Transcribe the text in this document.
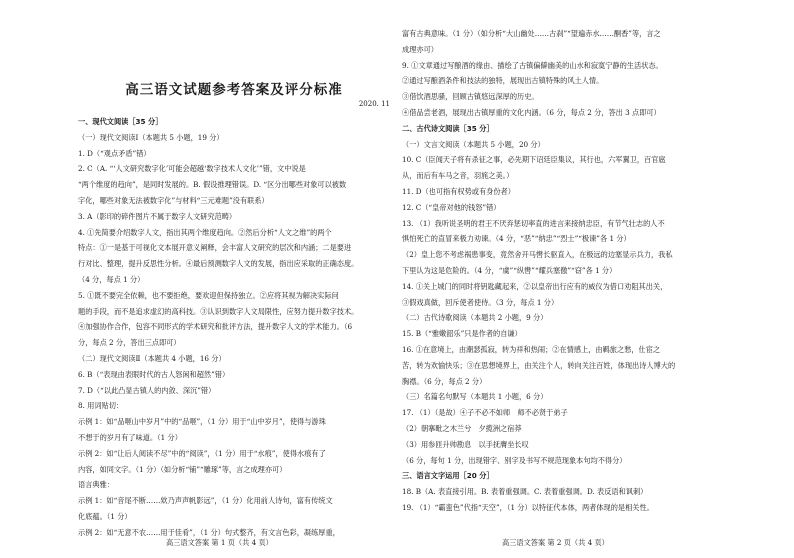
高三语文试题参考答案及评分标准
2020. 11
一、现代文阅读［35 分］
（一）现代文阅读Ⅰ（本题共 5 小题，19 分）
1. D（“观点矛盾”错）
2. C（A. “‘人文研究数字化’可能会超越‘数字技术人文化’”错，文中说是
“两个维度的趋向”，是同时发展的。B. 假设推理错误。D. “区分出哪些对象可以被数
字化，哪些对象无法被数字化”与材料“三元难题”没有联系）
3. A（影印的碎件图片不属于数字人文研究范畴）
4. ①先简要介绍数字人文，指出其两个维度趋向。②然后分析“人文之维”的两个
特点：①一是基于可视化文本展开意义阐释，会丰富人文研究的层次和内涵；二是要进
行对比、整理，提升反思性分析。④最后预测数字人文的发展，指出应采取的正确态度。
（4 分，每点 1 分）
5. ①既不要完全依赖，也不要拒绝，要欢迎但保持独立。②应将其视为解决实际问
题的手段，而不是追求虚幻的高科技。③认识到数字人文局限性，应努力提升数字技术。
④加强协作合作，包容不同形式的学术研究和批评方法，提升数字人文的学术能力。（6
分，每点 2 分，答出三点即可）
（二）现代文阅读Ⅱ（本题共 4 小题，16 分）
6. B（“表现由表眼时代的古人怒闲和超然”错）
7. D（“以此凸显古镇人的内敛、深沉”错）
8. 用词贴切：
示例 1：如“品咂山中岁月”中的“品咂”，（1 分）用于“山中岁月”，使得与游珠
不想于的岁月有了味道。（1 分）
示例 2：如“让后人阅读不尽”中的“阅读”，（1 分）用于“水痕”，使得水痕有了
内容，如同文字。（1 分）（如分析“铺”“雕琢”等，言之成理亦可）
语言典雅：
示例 1：如“音尾不断……欸乃声声帆影远”，（1 分）化用前人诗句，富有传统文
化底蕴。（1 分）
示例 2：如“无意不农……用于佳肴”，（1 分）句式整齐，有文言色彩，凝练厚重，
高三语文答案 第 1 页（共 4 页）
富有古典意味。（1 分）（如分析“大山幽处……古刹”“望遍赤水……酮香”等，言之
成理亦可）
9. ①文章通过写酿酒的缘由、描绘了古镇偏僻幽美的山水和寂寞宁静的生活状态。
②通过写酿酒条件和技法的独特，展现出古镇特殊的风土人情。
③借饮酒思骚，回顾古镇悠远深厚的历史。
④借品尝老酒，展现出古镇厚重的文化内涵。（6 分，每点 2 分，答出 3 点即可）
二、古代诗文阅读［35 分］
（一）文言文阅读（本题共 5 小题，20 分）
10. C（臣闻天子将有杀征之事，必先期下诏廷臣集议，其行也，六军翼卫，百官扈
从，而后有车马之音，羽旄之美。）
11. D（也可指有权势或有身份者）
12. C（“皇帝对他的钱怒”错）
13. （1）我听说圣明的君王不厌弃惩切率直的进言来接纳忠臣，有节气壮志的人不
惧怕死亡的直冒来极力劝谏。（4 分，“恶”“纳忠”“烈士”“极谏”各 1 分）
（2）皇上您不考虑祸患事变，竟然舍开马辔长驱直入，在极远的边塞显示兵力，我私
下里认为这是危险的。（4 分，“虞”“纵辔”“耀兵塞徼”“窃”各 1 分）
14. ①关上城门的同时将钥匙藏起来，②以皇帝出行应有的威仪为借口劝阻其出关，
③假戏真做，回斥使者使侍。（3 分，每点 1 分）
（二）古代诗歌阅读（本题共 2 小题，9 分）
15. B（“雅嫩韶乐”只是作者的自谦）
16. ①在意境上，由潮瑟孤寂，转为祥和热闹；②在情感上，由羁旅之愁，仕宦之
苦，转为欢愉快乐；③在思想境界上，由关注个人，转向关注百姓，体现出诗人博大的
胸襟。（6 分，每点 2 分）
（三）名篇名句默写（本题共 1 小题，6 分）
17. （1）（是故）④子不必不如师　师不必贤于弟子
（2）朝搴毗之木兰兮　夕揽洲之宿莽
（3）用参匝升帅勘息　以手抚膺坐长叹
（6 分，每句 1 分，出现错字、别字及书写不规范现象本句均不得分）
三、语言文字运用［20 分］
18. B（A. 表直接引用。B. 表着重强调。C. 表着重强调。D. 表反语和讽刺）
19. （1）“霸蛮色”代指“天空”，（1 分）以特征代本体，两者体现的是相关性。
高三语文答案 第 2 页（共 4 页）
